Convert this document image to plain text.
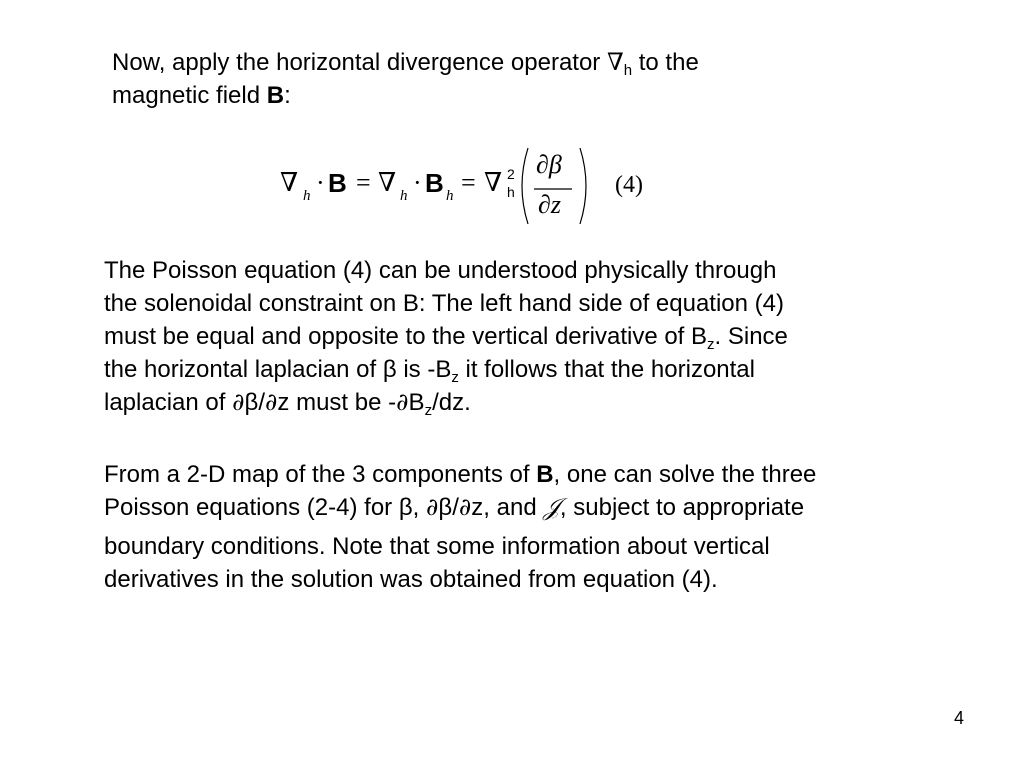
Now, apply the horizontal divergence operator $\nabla_h$ to the
magnetic field B:
∇ h · B = ∇ h · B h = ∇ 2
h
∂β
∂z
(4)
The Poisson equation (4) can be understood physically through
the solenoidal constraint on B: The left hand side of equation (4)
must be equal and opposite to the vertical derivative of $B_z$. Since
the horizontal laplacian of β is $-B_z$ it follows that the horizontal
laplacian of ∂β/∂z must be $-\partial B_z/dz$.
From a 2-D map of the 3 components of B, one can solve the three
Poisson equations (2-4) for β, ∂β/∂z, and 𝒥, subject to appropriate
boundary conditions. Note that some information about vertical
derivatives in the solution was obtained from equation (4).
4
